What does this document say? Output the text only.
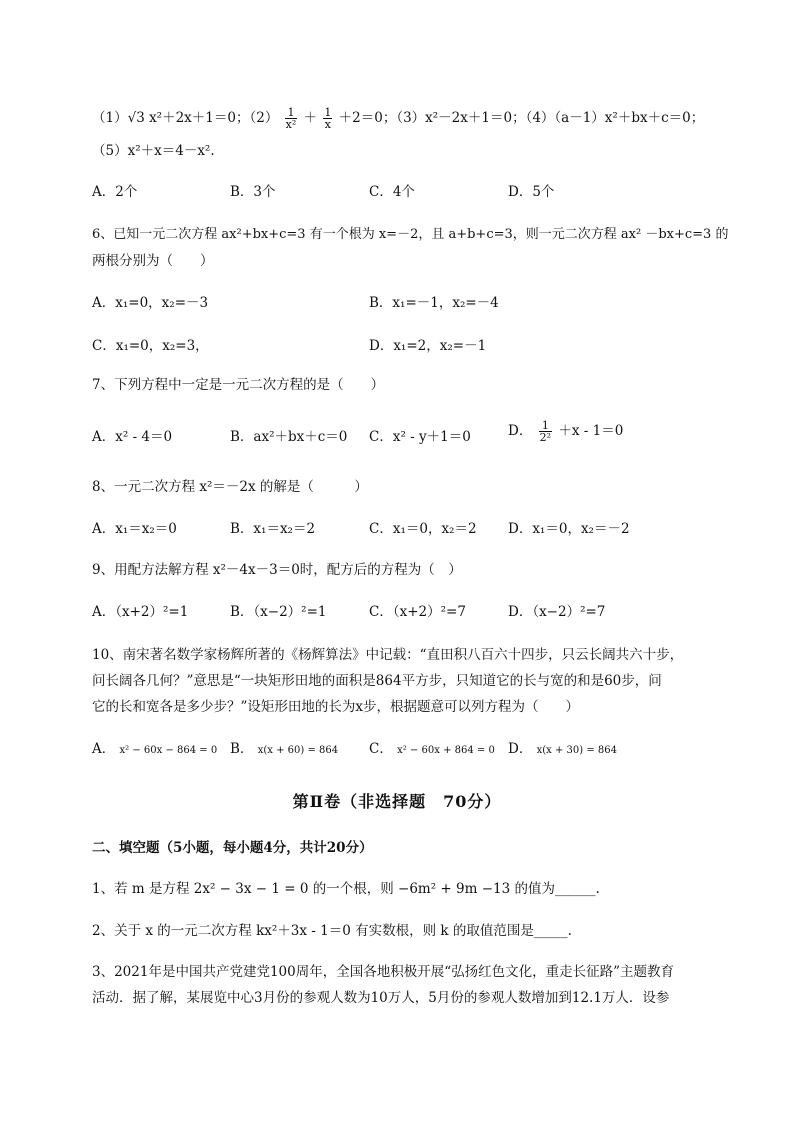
（1）√3 x²＋2x＋1＝0；$(2) \frac{1}{\text{x²}} + \frac{1}{x} +2=0$；（3）x²－2x＋1＝0；（4）（a－1）x²＋bx＋c＝0；
（5）x²＋x＝4－x².
A．2个	B．3个	C．4个	D．5个
6、已知一元二次方程 ax²+bx+c=3 有一个根为 x=－2，且 a+b+c=3，则一元二次方程 ax² －bx+c=3 的
两根分别为（　　）
A．x₁=0，x₂=－3	B．x₁=－1，x₂=－4
C．x₁=0，x₂=3，	D．x₁=2，x₂=－1
7、下列方程中一定是一元二次方程的是（　　）
A．x² - 4＝0	B．ax²＋bx＋c＝0 C．x² - y＋1＝0	D． $\frac{1}{\text{2²}} +x - 1=0$
8、一元二次方程 x²＝－2x 的解是（　　　）
A．x₁＝x₂＝0	B．x₁＝x₂＝2	C．x₁＝0，x₂＝2 D．x₁＝0，x₂＝－2
9、用配方法解方程 x²－4x－3＝0时，配方后的方程为（　）
A．（x+2）²=1	B．（x−2）²=1	C．（x+2）²=7	D．（x−2）²=7
10、南宋著名数学家杨辉所著的《杨辉算法》中记载：“直田积八百六十四步，只云长阔共六十步，
问长阔各几何？”意思是“一块矩形田地的面积是864平方步，只知道它的长与宽的和是60步，问
它的长和宽各是多少步？”设矩形田地的长为x步，根据题意可以列方程为（　　）
A． x² − 60x − 864 = 0 B． x(x + 60) = 864 C． x² − 60x + 864 = 0 D． x(x + 30) = 864
第Ⅱ卷（非选择题　70分）
二、填空题（5小题，每小题4分，共计20分）
1、若 m 是方程 2x² − 3x − 1 = 0 的一个根，则 −6m² + 9m −13 的值为______.
2、关于 x 的一元二次方程 kx²＋3x - 1＝0 有实数根，则 k 的取值范围是_____.
3、2021年是中国共产党建党100周年，全国各地积极开展“弘扬红色文化，重走长征路”主题教育
活动．据了解，某展览中心3月份的参观人数为10万人，5月份的参观人数增加到12.1万人．设参
